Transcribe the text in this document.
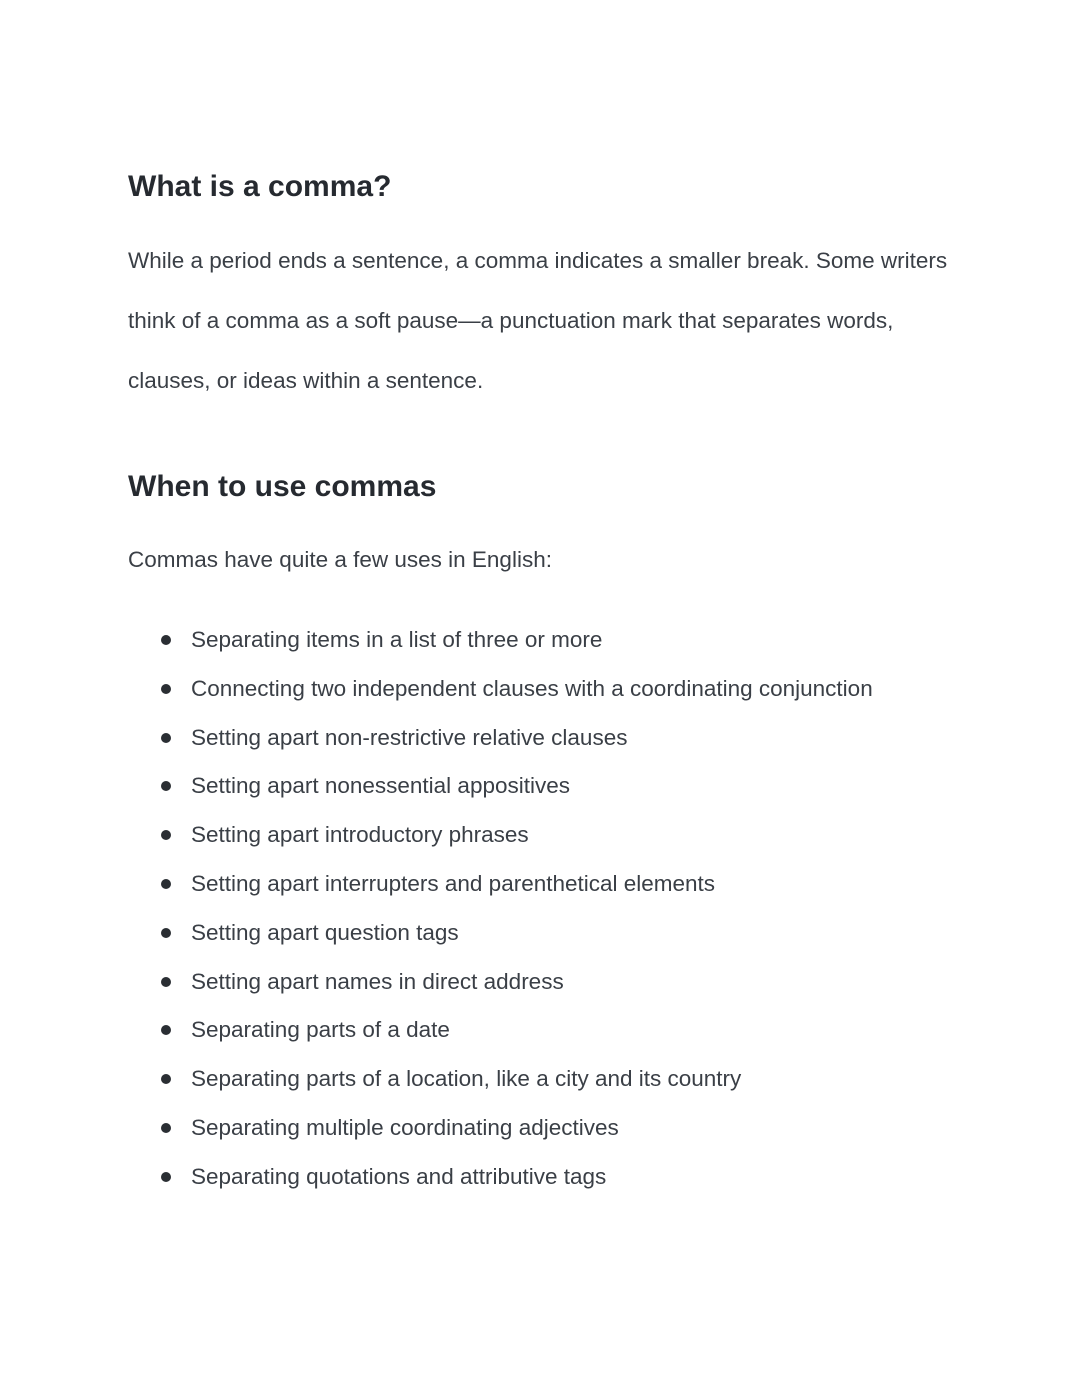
What is a comma?

While a period ends a sentence, a comma indicates a smaller break. Some writers think of a comma as a soft pause—a punctuation mark that separates words, clauses, or ideas within a sentence.

When to use commas

Commas have quite a few uses in English:

Separating items in a list of three or more
Connecting two independent clauses with a coordinating conjunction
Setting apart non-restrictive relative clauses
Setting apart nonessential appositives
Setting apart introductory phrases
Setting apart interrupters and parenthetical elements
Setting apart question tags
Setting apart names in direct address
Separating parts of a date
Separating parts of a location, like a city and its country
Separating multiple coordinating adjectives
Separating quotations and attributive tags
